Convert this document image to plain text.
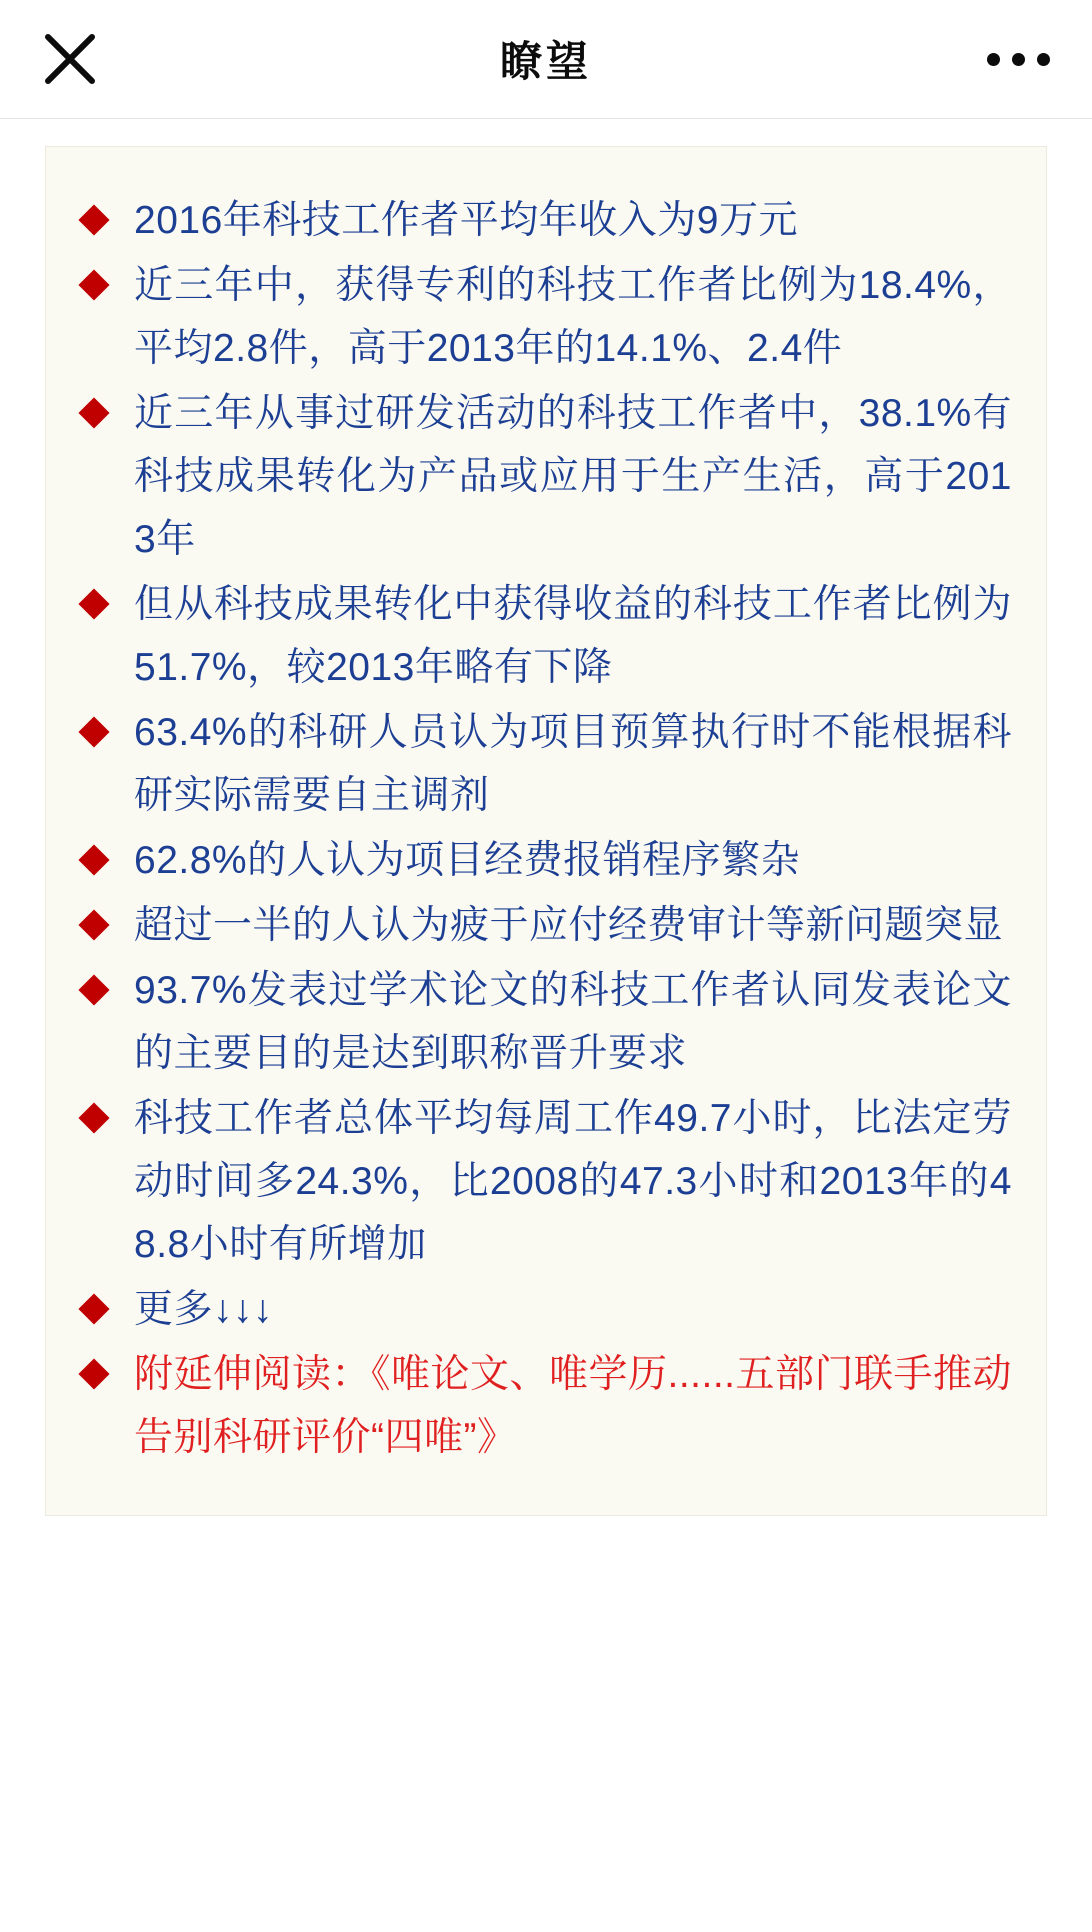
瞭望
2016年科技工作者平均年收入为9万元
近三年中，获得专利的科技工作者比例为18.4%，平均2.8件，高于2013年的14.1%、2.4件
近三年从事过研发活动的科技工作者中，38.1%有科技成果转化为产品或应用于生产生活，高于2013年
但从科技成果转化中获得收益的科技工作者比例为51.7%，较2013年略有下降
63.4%的科研人员认为项目预算执行时不能根据科研实际需要自主调剂
62.8%的人认为项目经费报销程序繁杂
超过一半的人认为疲于应付经费审计等新问题突显
93.7%发表过学术论文的科技工作者认同发表论文的主要目的是达到职称晋升要求
科技工作者总体平均每周工作49.7小时，比法定劳动时间多24.3%，比2008的47.3小时和2013年的48.8小时有所增加
更多↓↓↓
附延伸阅读：《唯论文、唯学历......五部门联手推动告别科研评价“四唯”》
